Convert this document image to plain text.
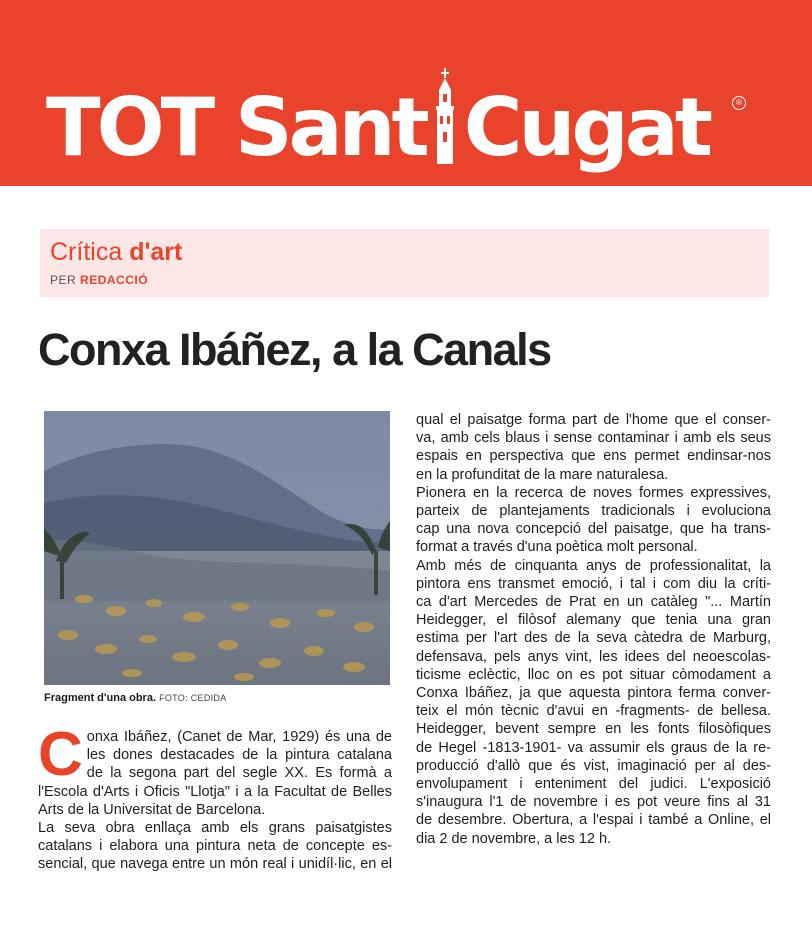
TOT Sant Cugat	®
Crítica d'art
PER REDACCIÓ
Conxa Ibáñez, a la Canals
Fragment d'una obra. FOTO: CEDIDA
C onxa Ibáñez, (Canet de Mar, 1929) és una de

les dones destacades de la pintura catalana

de la segona part del segle XX. Es formà a

l'Escola d'Arts i Oficis "Llotja" i a la Facultat de Belles

Arts de la Universitat de Barcelona.

La seva obra enllaça amb els grans paisatgistes

catalans i elabora una pintura neta de concepte es-

sencial, que navega entre un món real i unidíl·lic, en el

qual el paisatge forma part de l'home que el conser-

va, amb cels blaus i sense contaminar i amb els seus

espais en perspectiva que ens permet endinsar-nos

en la profunditat de la mare naturalesa.

Pionera en la recerca de noves formes expressives,

parteix de plantejaments tradicionals i evoluciona

cap una nova concepció del paisatge, que ha trans-

format a través d'una poètica molt personal.

Amb més de cinquanta anys de professionalitat, la

pintora ens transmet emoció, i tal i com diu la críti-

ca d'art Mercedes de Prat en un catàleg "... Martín

Heidegger, el filòsof alemany que tenia una gran

estima per l'art des de la seva càtedra de Marburg,

defensava, pels anys vint, les idees del neoescolas-

ticisme eclèctic, lloc on es pot situar còmodament a

Conxa Ibáñez, ja que aquesta pintora ferma conver-

teix el món tècnic d'avui en -fragments- de bellesa.

Heidegger, bevent sempre en les fonts filosòfiques

de Hegel -1813-1901- va assumir els graus de la re-

producció d'allò que és vist, imaginació per al des-

envolupament i enteniment del judici. L'exposició

s'inaugura l'1 de novembre i es pot veure fins al 31

de desembre. Obertura, a l'espai i també a Online, el

dia 2 de novembre, a les 12 h.
